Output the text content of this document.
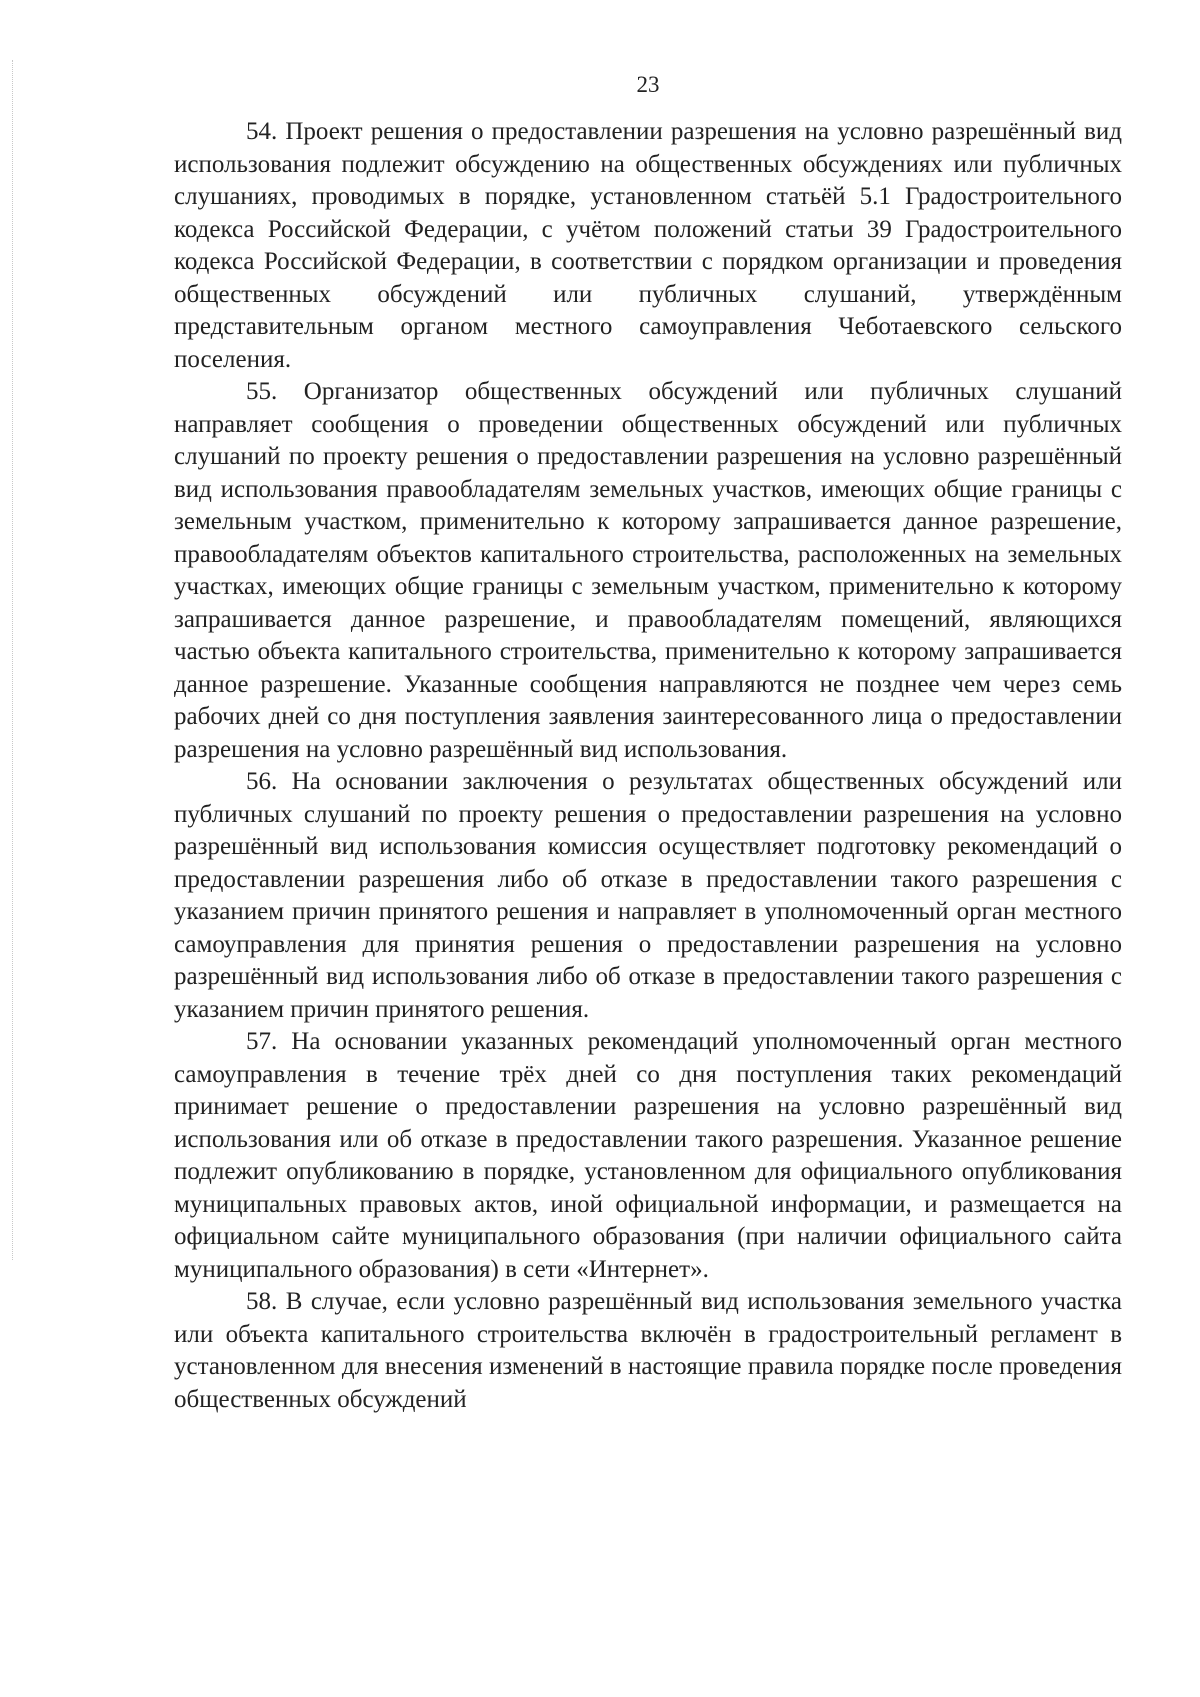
23

54. Проект решения о предоставлении разрешения на условно разрешённый вид использования подлежит обсуждению на общественных обсуждениях или публичных слушаниях, проводимых в порядке, установленном статьёй 5.1 Градостроительного кодекса Российской Федерации, с учётом положений статьи 39 Градостроительного кодекса Российской Федерации, в соответствии с порядком организации и проведения общественных обсуждений или публичных слушаний, утверждённым представительным органом местного самоуправления Чеботаевского сельского поселения.

55. Организатор общественных обсуждений или публичных слушаний направляет сообщения о проведении общественных обсуждений или публичных слушаний по проекту решения о предоставлении разрешения на условно разрешённый вид использования правообладателям земельных участков, имеющих общие границы с земельным участком, применительно к которому запрашивается данное разрешение, правообладателям объектов капитального строительства, расположенных на земельных участках, имеющих общие границы с земельным участком, применительно к которому запрашивается данное разрешение, и правообладателям помещений, являющихся частью объекта капитального строительства, применительно к которому запрашивается данное разрешение. Указанные сообщения направляются не позднее чем через семь рабочих дней со дня поступления заявления заинтересованного лица о предоставлении разрешения на условно разрешённый вид использования.

56. На основании заключения о результатах общественных обсуждений или публичных слушаний по проекту решения о предоставлении разрешения на условно разрешённый вид использования комиссия осуществляет подготовку рекомендаций о предоставлении разрешения либо об отказе в предоставлении такого разрешения с указанием причин принятого решения и направляет в уполномоченный орган местного самоуправления для принятия решения о предоставлении разрешения на условно разрешённый вид использования либо об отказе в предоставлении такого разрешения с указанием причин принятого решения.

57. На основании указанных рекомендаций уполномоченный орган местного самоуправления в течение трёх дней со дня поступления таких рекомендаций принимает решение о предоставлении разрешения на условно разрешённый вид использования или об отказе в предоставлении такого разрешения. Указанное решение подлежит опубликованию в порядке, установленном для официального опубликования муниципальных правовых актов, иной официальной информации, и размещается на официальном сайте муниципального образования (при наличии официального сайта муниципального образования) в сети «Интернет».

58. В случае, если условно разрешённый вид использования земельного участка или объекта капитального строительства включён в градостроительный регламент в установленном для внесения изменений в настоящие правила порядке после проведения общественных обсуждений
